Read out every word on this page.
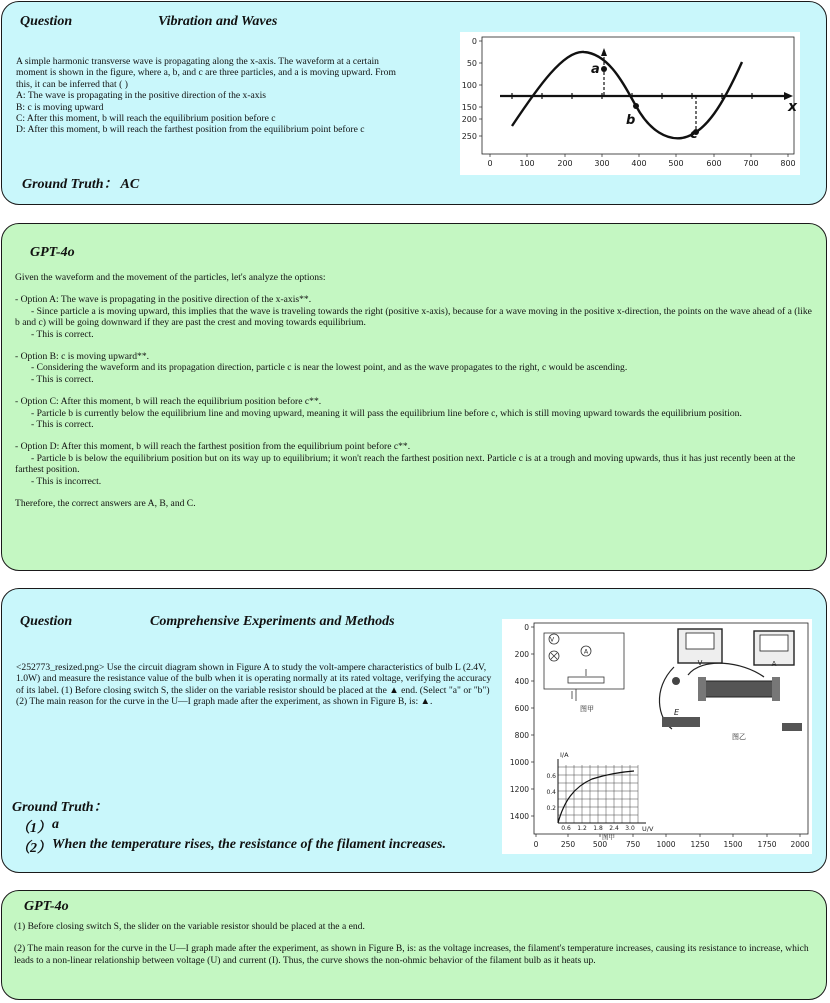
Question	Vibration and Waves

A simple harmonic transverse wave is propagating along the x-axis. The waveform at a certain

moment is shown in the figure, where a, b, and c are three particles, and a is moving upward. From

this, it can be inferred that ( )

A: The wave is propagating in the positive direction of the x-axis

B: c is moving upward

C: After this moment, b will reach the equilibrium position before c

D: After this moment, b will reach the farthest position from the equilibrium point before c

Ground Truth： AC
0
50
100
150
200
250
0	100	200	300	400	500	600	700	800
x
a
b
c
GPT-4o

Given the waveform and the movement of the particles, let's analyze the options:

- Option A: The wave is propagating in the positive direction of the x-axis**.

- Since particle a is moving upward, this implies that the wave is traveling towards the right (positive x-axis), because for a wave moving in the positive x-direction, the points on the wave ahead of a (like b and c) will be going downward if they are past the crest and moving towards equilibrium.

- This is correct.

- Option B: c is moving upward**.

- Considering the waveform and its propagation direction, particle c is near the lowest point, and as the wave propagates to the right, c would be ascending.

- This is correct.

- Option C: After this moment, b will reach the equilibrium position before c**.

- Particle b is currently below the equilibrium line and moving upward, meaning it will pass the equilibrium line before c, which is still moving upward towards the equilibrium position.

- This is correct.

- Option D: After this moment, b will reach the farthest position from the equilibrium point before c**.

- Particle b is below the equilibrium position but on its way up to equilibrium; it won't reach the farthest position next. Particle c is at a trough and moving upwards, thus it has just recently been at the farthest position.

- This is incorrect.

Therefore, the correct answers are A, B, and C.

Question	Comprehensive Experiments and Methods
<252773_resized.png> Use the circuit diagram shown in Figure A to study the volt-ampere characteristics of bulb L (2.4V, 1.0W) and measure the resistance value of the bulb when it is operating normally at its rated voltage, verifying the accuracy of its label. (1) Before closing switch S, the slider on the variable resistor should be placed at the ▲ end. (Select "a" or "b") (2) The main reason for the curve in the U—I graph made after the experiment, as shown in Figure B, is: ▲.
Ground Truth：
（1） a
（2） When the temperature rises, the resistance of the filament increases.
0
200
400
600
800
1000
1200
1400
0	250 500 750 1000 1250 1500 1750 2000
V
A
图甲
V	A
E
图乙
I/A
U/V
0.6 1.2 1.8 2.4 3.0
0.6
0.4
0.2
图甲
GPT-4o

(1) Before closing switch S, the slider on the variable resistor should be placed at the a end.

(2) The main reason for the curve in the U—I graph made after the experiment, as shown in Figure B, is: as the voltage increases, the filament's temperature increases, causing its resistance to increase, which leads to a non-linear relationship between voltage (U) and current (I). Thus, the curve shows the non-ohmic behavior of the filament bulb as it heats up.
